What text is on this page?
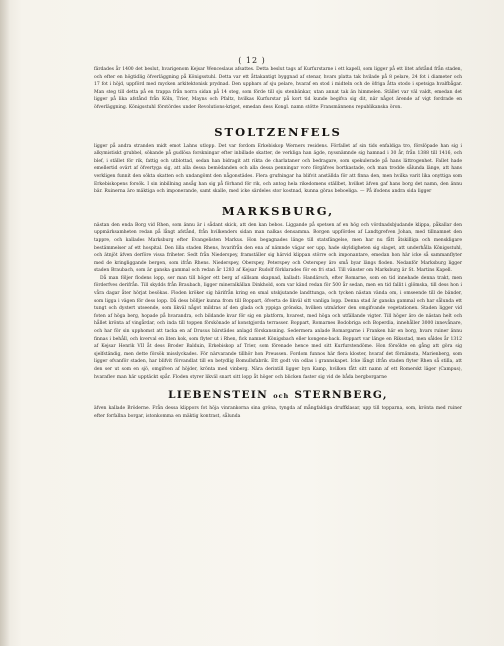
( 12 )

färdades år 1400 det beslut, hvarigenom Kejsar Wenceslaus afsattes. Detta beslut tags af Kurfurstarne i ett kapell, som ligger på ett litet afstånd från staden, och efter en högtidlig öfverläggning på Königsstuhl. Detta var ett åttakantigt byggnad af stenar, hvars platta tak hvilade på 8 pelare, 24 fot i diameter och 17 fot i höjd, uppförd med mycken arkitektonisk prydnad. Den uppbars af sju pelare, hvaraf en stod i midteln och de öfriga åtta stodo i spetsiga hvalfbågar. Man steg till detta på en trappa från norra sidan på 14 steg, som förde till sju stenbänkar, utan annat tak än himmelen. Stället var väl valdt, emedan det ligger på lika afstånd från Köln, Trier, Mayns och Pfaltz, hvilkas Kurfurstar på kort tid kunde begifva sig dit, när något ärende af vigt fordrade en öfverläggning. Königsstuhl förstördes under Revolutions-kriget, emedan dess Kongl. namn stötte Fransmännens republikanska öron.

STOLTZENFELS

ligger på andra stranden midt emot Lahns utlopp. Det var fordom Erkebiskop Werners residens. Förfallet af sin tids enfaldiga tro, förslöpade han sig i alkymistiskt grubbel, sökande på gudlösa forskningar efter inbillade skatter, de verkliga han ägde, nyssnämnde sig hamnad i 30 år, från 1388 till 1416, och blef, i stället för rik, fattig och utblottad, sedan han bidragit att rikta de charlataner och bedragare, som spekulerade på hans lättrogenhet. Fallet hade emellertid ovärt af öfvertyga sig, att alla dessa bemödanden och alla dessa penningar voro förgäfves bortkastade, och man trodde sålunda länge, att hans verkligen funnit den sökta skatten och undangömt den någonstädes. Flera grufningar ha blifvit anställda för att finna den, men hvilka varit lika onyttiga som Erkebiskopens forsök. I sin inbillning ansåg han sig på förhand för rik, och antog hela rikedomens ställbet, hvilket äfven gaf hans borg det namn, den ännu bär. Ruinerna äro mäktiga och imponerande, samt skalle, med icke särdeles stor kostnad, kunna göras beboeliga. — På ifodens andra sida ligger

MARKSBURG,

nästan den enda Borg vid Rhen, som ännu är i sådant skick, att den kan bebos. Liggande på spetsen af en hög och vördnadsbjudande klippa, påkallar den uppmärksamheten redan på långt afstånd, från hvilkenders sidan man nalkas densamma. Borgen uppfördes af Landtgrefven Johan, med tillnamnet den tappre, och kallades Marksburg efter Evangelisten Markus. Hon begagnades länge till statsfängelse, men har nu fått åtskilliga och menskligare bestämmelser af ett hospital. Den lilla staden Rhens, hvarifrån den ena af nämnde vägar ser upp, hade skyldigheten sig slaget, att underhålla Königsstuhl, och ätnjöt äfven derföre vissa friheter. Sedt från Niederspey, framställer sig härvid klippan större och imponantare, emedan hon här icke så sammanflyter med de kringliggande bergen, som ifrån Rhens. Niederspey, Oberspey, Peterspey och Osterspey äro små byar längs floden. Nedanför Marksburg ligger staden Braubach, som är ganska gammal och redan år 1283 af Kejsar Rudolf förklarades för en fri stad. Till vänster om Marksburg är St. Martins Kapell.

Då man följer flodens lopp, ser man till höger ett berg af sällsam skapnad, kalladt: Handärsch, efter Romarne, som en tid innehade denna trakt, men förderfves derifrån. Till skydds från Braubach, ligger mineralkällan Dinkhold, som var känd redan för 500 år sedan, men en tid fallit i glömska, till dess hon i våra dagar åter hörjat besökas. Floden kröker sig härifrån kring en smal utskjutande landttunga, och tycken nästan vända om, i omseende till de bänder, som ligga i vägen för dess lopp. Då dess bölljer kunna from till Boppart, öfverta de likväl sitt vanliga lopp. Denna stad är ganska gammal och har sålunda ett tungt och dystert utseende, som likväl något mildras af den glada och yppiga grönska, hvilken utmärker den omgifvande vegetationen. Staden ligger vid foten af höga berg, hopade på hvarandra, och bildande kvar för sig en platform, hvarest, med höga och utfällande vigter. Till höger äro de nästan helt och hållet kröntа af vingårdar, och inda till toppen förskönade af konstgjorda terrasser. Boppart, Romarnes Bodobriga och Boperdia, innehåller 3000 innevånare, och har för sin upphomst att tacka en af Drusus bärstädes anlagd förskansning. Sedermera anlade Romargarne i Franken här en borg, hvars ruiner ännu finnas i behåll, och kverval en liten kok, som flyter ut i Rhen, fick namnet Königsbach eller kongens-back. Boppart var länge en Riksstad, men såldes år 1312 af Kejsar Henrik VII åt dess Broder Balduin, Erkebiskop af Trier, som förenade hence med sitt Kurfurstendöme. Hon försökte en gång att göra sig sjelfständig, men dette försök misslyckades. För närvarande tillhör hon Preussen. Fordom funnos här flera kloster, hvaraf det förnämsta, Marienberg, som ligger ofvanför staden, har blifvit förvandlat till en betydlig Bomullsfabrik. Ett godt vin odlas i grannskapet. Icke långt ifrån staden flyter Rhen så stilla, att den ser ut som en sjö, omgifven af höjder, krönta med vinberg. Nära derintill ligger byn Kamp, hvilken fått sitt namn af ett Romerskt läger (Campus), hvaraflev man här upptäckt spår. Floden styrer likväl snart sitt lopp åt höger och blicken faster sig vid de båda bergborgarne

LIEBENSTEIN och STERNBERG,

äfven kallade Bröderne. Från dessa klippors fot höja vinrankorna sina gröna, tyngda af mångfaldiga druffklasar, upp till topparna, som, krönta med ruiner efter forfallna borgar, istonkomma en mäktig kontrast, sålunda
